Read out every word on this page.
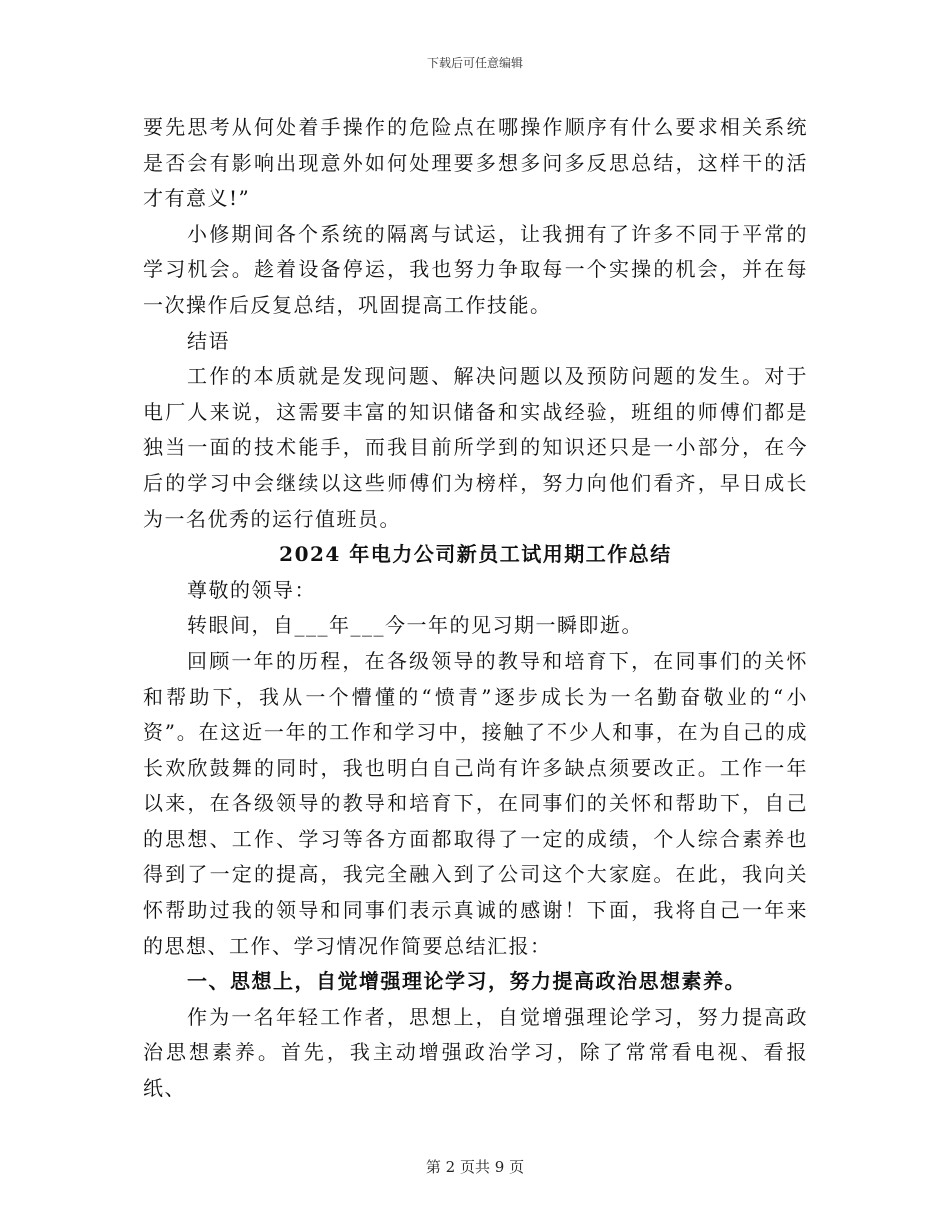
下载后可任意编辑

要先思考从何处着手操作的危险点在哪操作顺序有什么要求相关系统是否会有影响出现意外如何处理要多想多问多反思总结，这样干的活才有意义!”

小修期间各个系统的隔离与试运，让我拥有了许多不同于平常的学习机会。趁着设备停运，我也努力争取每一个实操的机会，并在每一次操作后反复总结，巩固提高工作技能。

结语

工作的本质就是发现问题、解决问题以及预防问题的发生。对于电厂人来说，这需要丰富的知识储备和实战经验，班组的师傅们都是独当一面的技术能手，而我目前所学到的知识还只是一小部分，在今后的学习中会继续以这些师傅们为榜样，努力向他们看齐，早日成长为一名优秀的运行值班员。

2024 年电力公司新员工试用期工作总结

尊敬的领导：

转眼间，自___年___今一年的见习期一瞬即逝。

回顾一年的历程，在各级领导的教导和培育下，在同事们的关怀和帮助下，我从一个懵懂的“愤青”逐步成长为一名勤奋敬业的“小资”。在这近一年的工作和学习中，接触了不少人和事，在为自己的成长欢欣鼓舞的同时，我也明白自己尚有许多缺点须要改正。工作一年以来，在各级领导的教导和培育下，在同事们的关怀和帮助下，自己的思想、工作、学习等各方面都取得了一定的成绩，个人综合素养也得到了一定的提高，我完全融入到了公司这个大家庭。在此，我向关怀帮助过我的领导和同事们表示真诚的感谢！下面，我将自己一年来的思想、工作、学习情况作简要总结汇报：

一、思想上，自觉增强理论学习，努力提高政治思想素养。

作为一名年轻工作者，思想上，自觉增强理论学习，努力提高政治思想素养。首先，我主动增强政治学习，除了常常看电视、看报纸、

第 2 页共 9 页
